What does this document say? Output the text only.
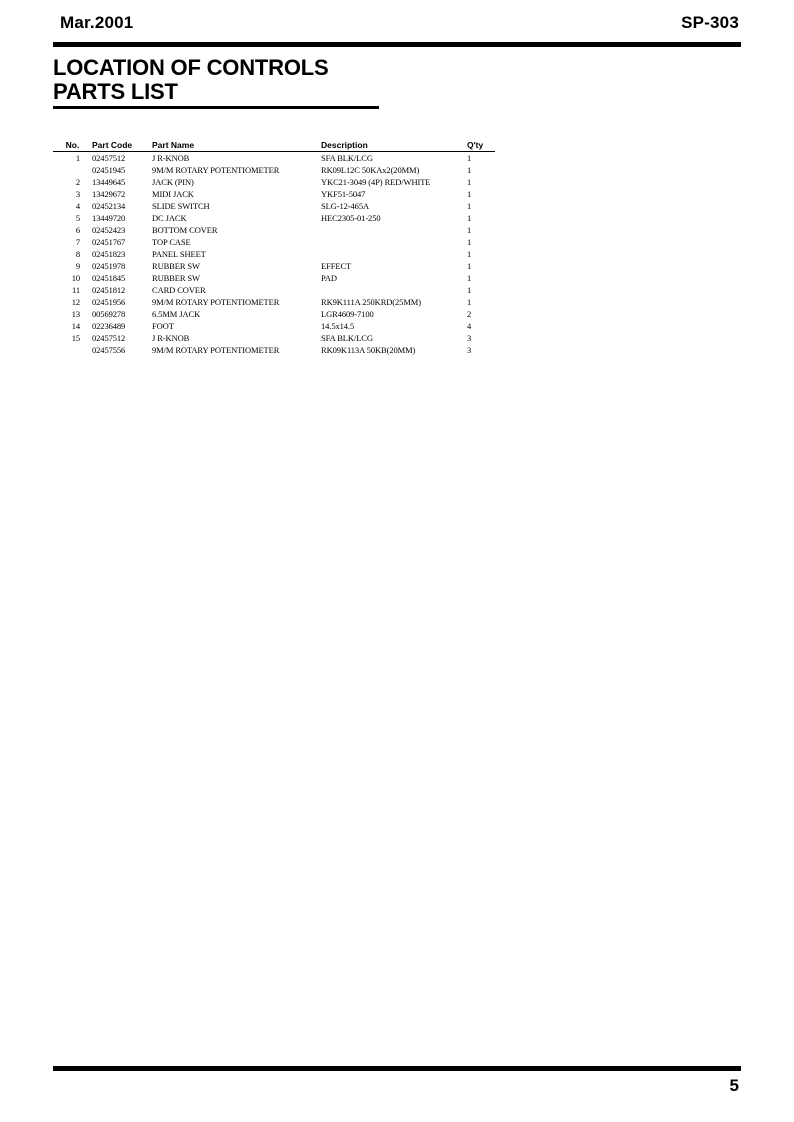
Mar.2001	SP-303
LOCATION OF CONTROLS
PARTS LIST
No.	Part Code	Part Name	Description	Q'ty
1	02457512	J R-KNOB	SFA BLK/LCG	1
	02451945	9M/M ROTARY POTENTIOMETER	RK09L12C 50KAx2(20MM)	1
2	13449645	JACK (PIN)	YKC21-3049 (4P) RED/WHITE	1
3	13429672	MIDI JACK	YKF51-5047	1
4	02452134	SLIDE SWITCH	SLG-12-465A	1
5	13449720	DC JACK	HEC2305-01-250	1
6	02452423	BOTTOM COVER		1
7	02451767	TOP CASE		1
8	02451823	PANEL SHEET		1
9	02451978	RUBBER SW	EFFECT	1
10	02451845	RUBBER SW	PAD	1
11	02451812	CARD COVER		1
12	02451956	9M/M ROTARY POTENTIOMETER	RK9K111A 250KRD(25MM)	1
13	00569278	6.5MM JACK	LGR4609-7100	2
14	02236489	FOOT	14.5x14.5	4
15	02457512	J R-KNOB	SFA BLK/LCG	3
	02457556	9M/M ROTARY POTENTIOMETER	RK09K113A 50KB(20MM)	3
5
